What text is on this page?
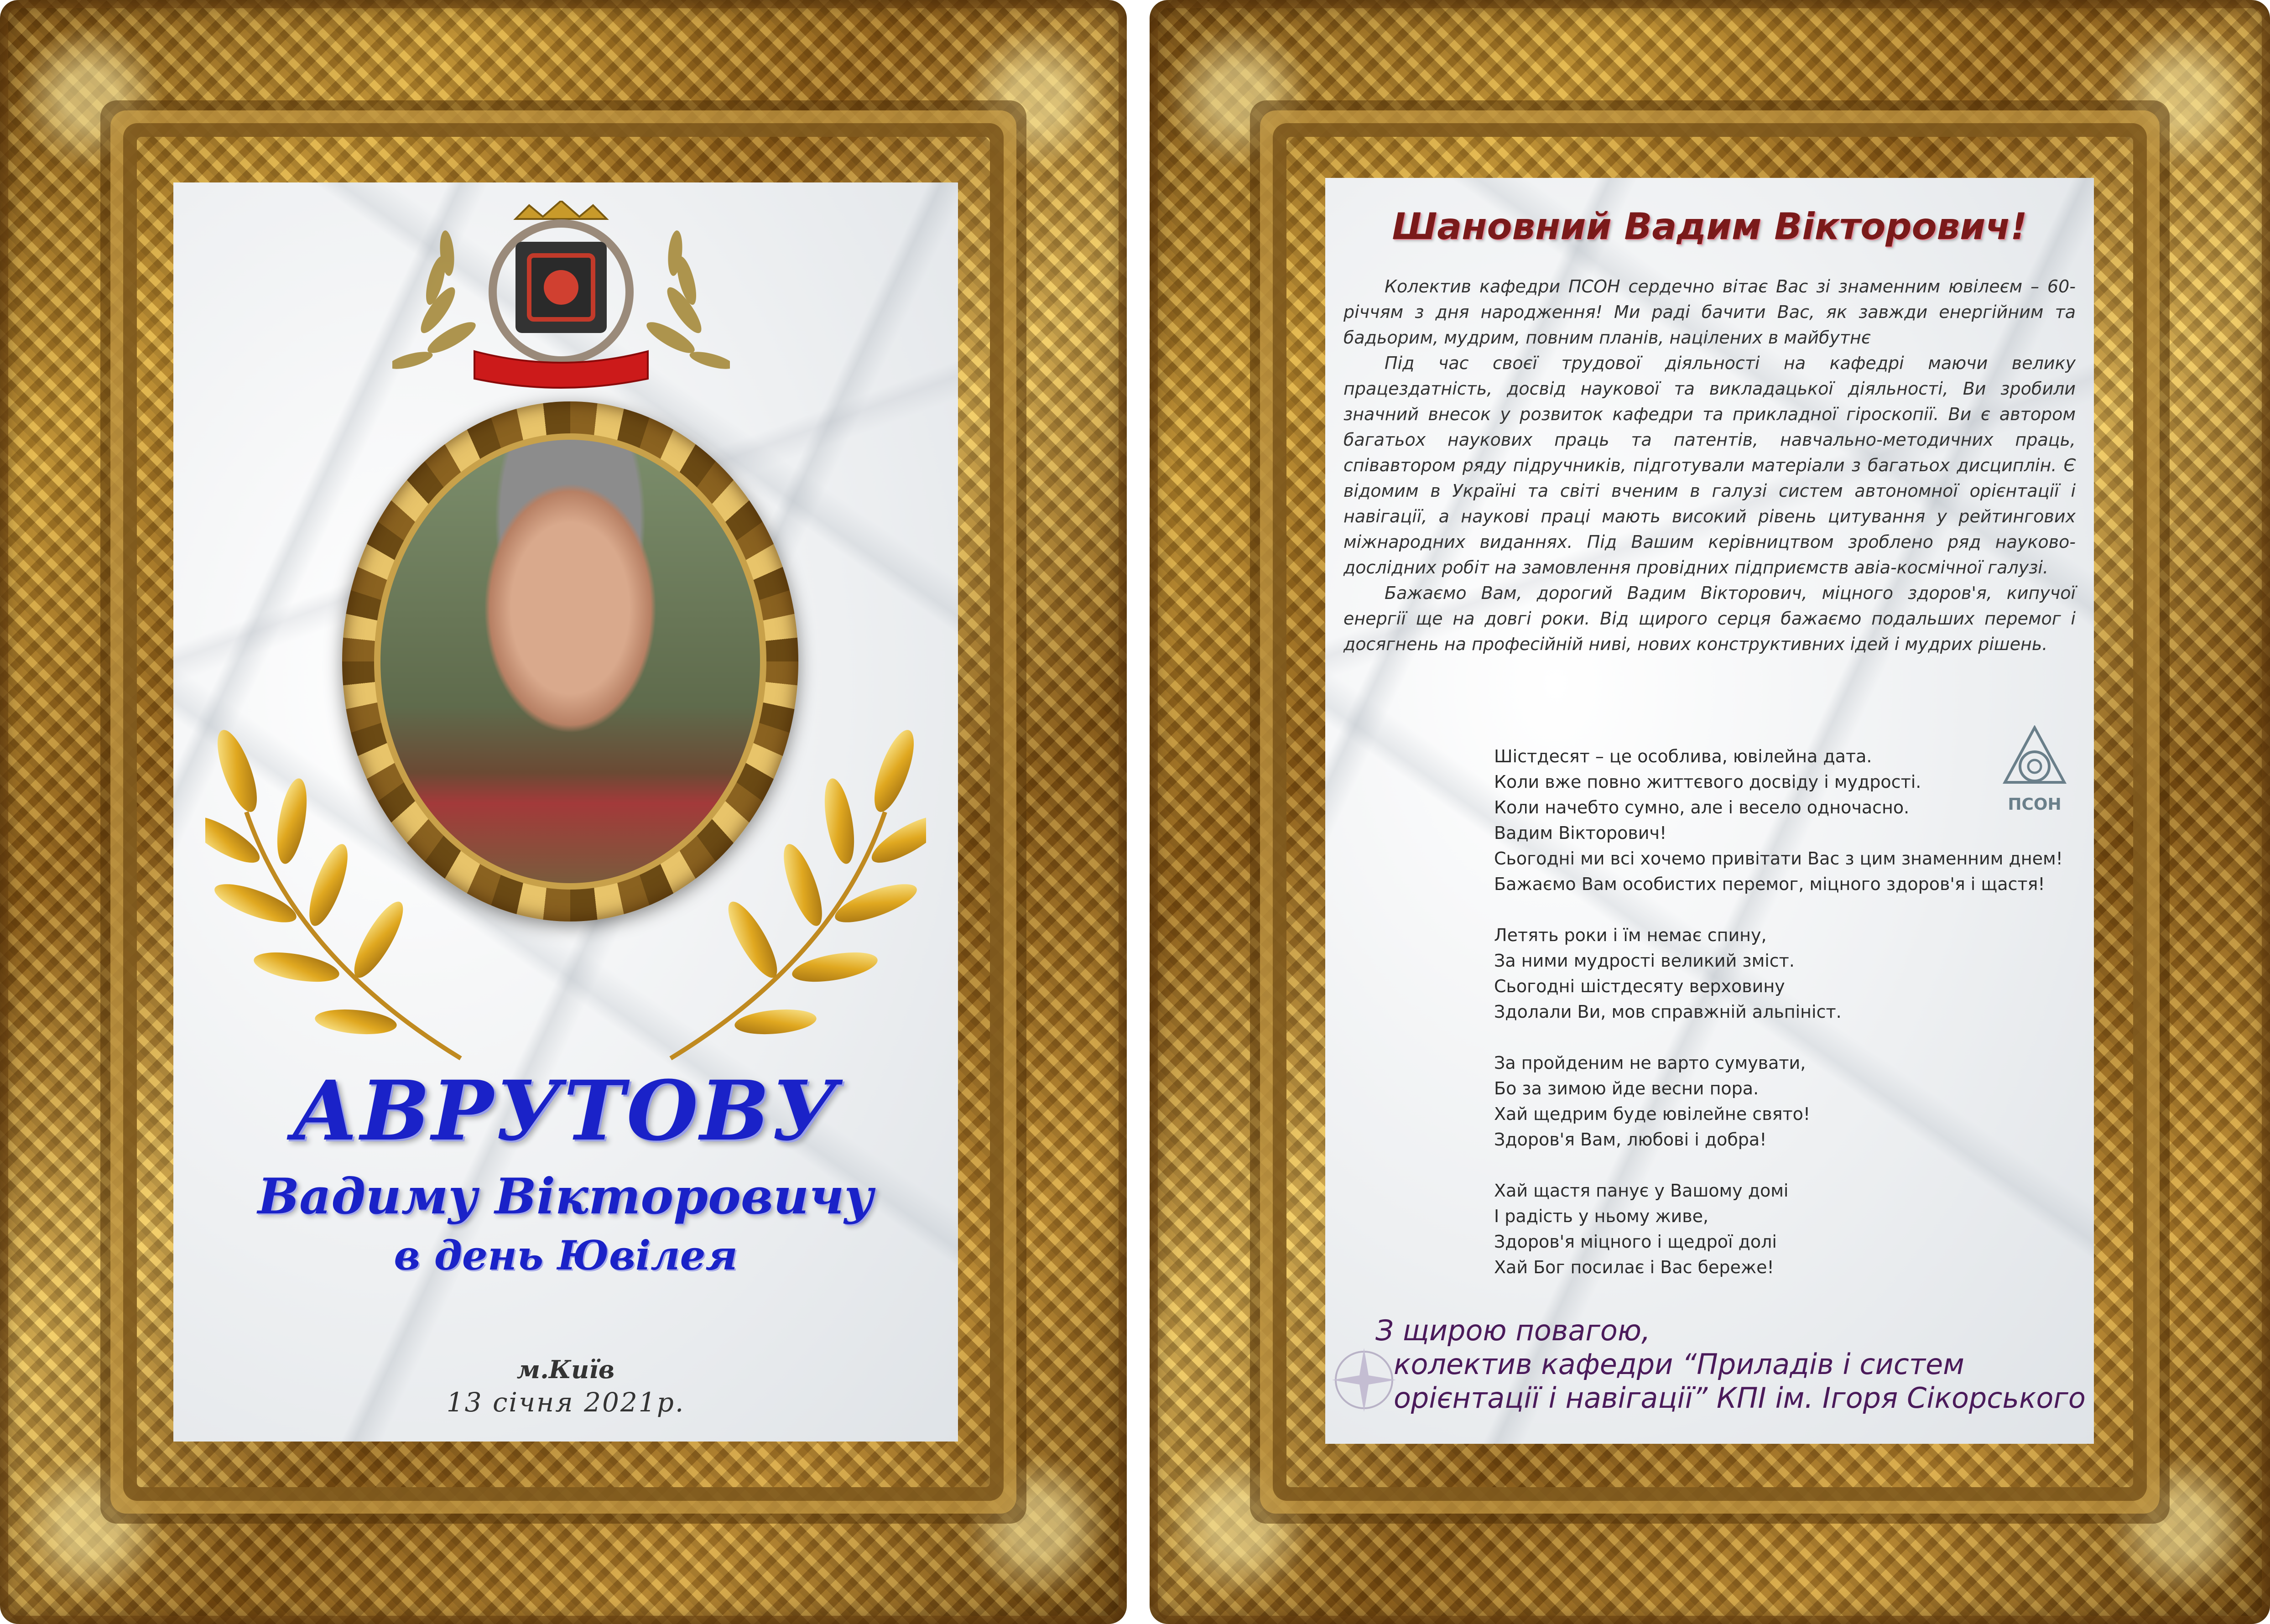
АВРУТОВУ
Вадиму Вікторовичу
в день Ювілея
м.Київ
13 січня 2021р.
Шановний Вадим Вікторович!

Колектив кафедри ПСОН сердечно вітає Вас зі знаменним ювілеєм – 60-річчям з дня народження! Ми раді бачити Вас, як завжди енергійним та бадьорим, мудрим, повним планів, націлених в майбутнє

Під час своєї трудової діяльності на кафедрі маючи велику працездатність, досвід наукової та викладацької діяльності, Ви зробили значний внесок у розвиток кафедри та прикладної гіроскопії. Ви є автором багатьох наукових праць та патентів, навчально-методичних праць, співавтором ряду підручників, підготували матеріали з багатьох дисциплін. Є відомим в Україні та світі вченим в галузі систем автономної орієнтації і навігації, а наукові праці мають високий рівень цитування у рейтингових міжнародних виданнях. Під Вашим керівництвом зроблено ряд науково-дослідних робіт на замовлення провідних підприємств авіа-космічної галузі.

Бажаємо Вам, дорогий Вадим Вікторович, міцного здоров'я, кипучої енергії ще на довгі роки. Від щирого серця бажаємо подальших перемог і досягнень на професійній ниві, нових конструктивних ідей і мудрих рішень.

ПСОН
Шістдесят – це особлива, ювілейна дата.
Коли вже повно життєвого досвіду і мудрості.
Коли начебто сумно, але і весело одночасно.
Вадим Вікторович!
Сьогодні ми всі хочемо привітати Вас з цим знаменним днем!
Бажаємо Вам особистих перемог, міцного здоров'я і щастя!
Летять роки і їм немає спину,
За ними мудрості великий зміст.
Сьогодні шістдесяту верховину
Здолали Ви, мов справжній альпініст.
За пройденим не варто сумувати,
Бо за зимою йде весни пора.
Хай щедрим буде ювілейне свято!
Здоров'я Вам, любові і добра!
Хай щастя панує у Вашому домі
І радість у ньому живе,
Здоров'я міцного і щедрої долі
Хай Бог посилає і Вас береже!
З щирою повагою,
колектив кафедри “Приладів і систем
орієнтації і навігації” КПІ ім. Ігоря Сікорського
